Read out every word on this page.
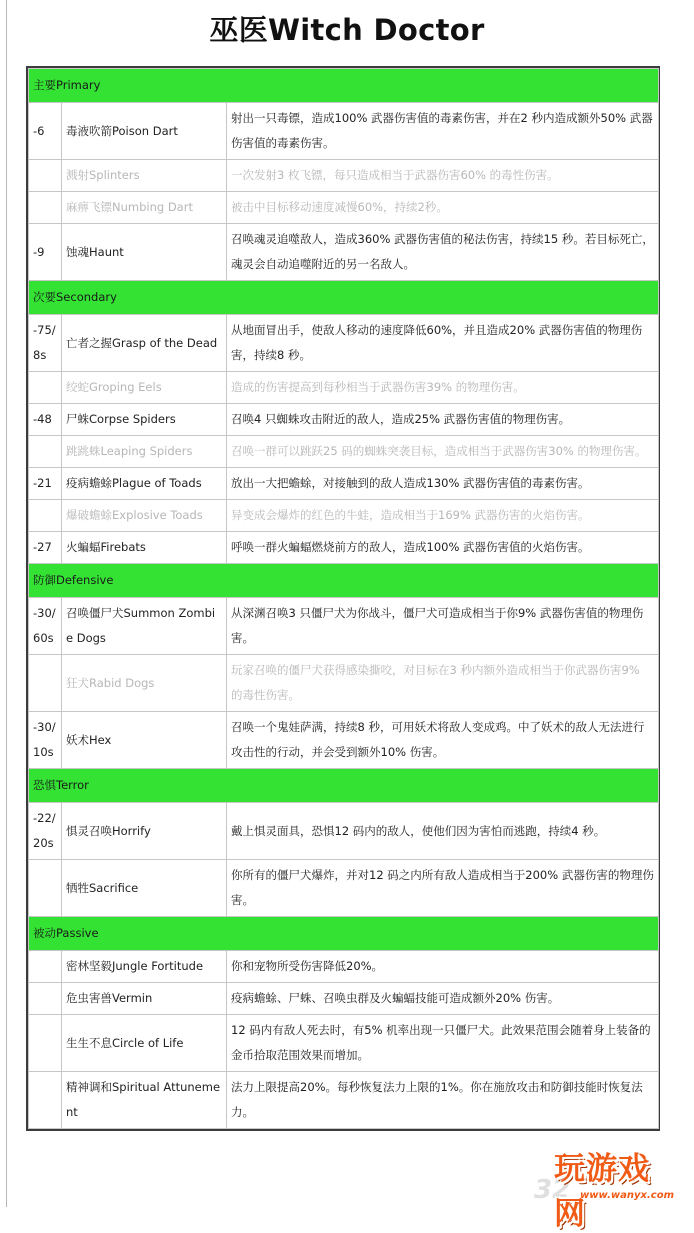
巫医Witch Doctor
主要Primary		
-6	毒液吹箭Poison Dart	射出一只毒镖，造成100% 武器伤害值的毒素伤害，并在2 秒内造成额外50% 武器伤害值的毒素伤害。
	溅射Splinters	一次发射3 枚飞镖，每只造成相当于武器伤害60% 的毒性伤害。
	麻痹飞镖Numbing Dart	被击中目标移动速度减慢60%，持续2秒。
-9	蚀魂Haunt	召唤魂灵追噬敌人，造成360% 武器伤害值的秘法伤害，持续15 秒。若目标死亡，魂灵会自动追噬附近的另一名敌人。
次要Secondary		
-75/8s	亡者之握Grasp of the Dead	从地面冒出手，使敌人移动的速度降低60%，并且造成20% 武器伤害值的物理伤害，持续8 秒。
	绞蛇Groping Eels	造成的伤害提高到每秒相当于武器伤害39% 的物理伤害。
-48	尸蛛Corpse Spiders	召唤4 只蜘蛛攻击附近的敌人，造成25% 武器伤害值的物理伤害。
	跳跳蛛Leaping Spiders	召唤一群可以跳跃25 码的蜘蛛突袭目标，造成相当于武器伤害30% 的物理伤害。
-21	疫病蟾蜍Plague of Toads	放出一大把蟾蜍，对接触到的敌人造成130% 武器伤害值的毒素伤害。
	爆破蟾蜍Explosive Toads	异变成会爆炸的红色的牛蛙，造成相当于169% 武器伤害的火焰伤害。
-27	火蝙蝠Firebats	呼唤一群火蝙蝠燃烧前方的敌人，造成100% 武器伤害值的火焰伤害。
防御Defensive		
-30/60s	召唤僵尸犬Summon Zombie Dogs	从深渊召唤3 只僵尸犬为你战斗，僵尸犬可造成相当于你9% 武器伤害值的物理伤害。
	狂犬Rabid Dogs	玩家召唤的僵尸犬获得感染撕咬，对目标在3 秒内额外造成相当于你武器伤害9% 的毒性伤害。
-30/10s	妖术Hex	召唤一个鬼娃萨满，持续8 秒，可用妖术将敌人变成鸡。中了妖术的敌人无法进行攻击性的行动，并会受到额外10% 伤害。
恐惧Terror		
-22/20s	惧灵召唤Horrify	戴上惧灵面具，恐惧12 码内的敌人，使他们因为害怕而逃跑，持续4 秒。
	牺牲Sacrifice	你所有的僵尸犬爆炸，并对12 码之内所有敌人造成相当于200% 武器伤害的物理伤害。
被动Passive		
	密林坚毅Jungle Fortitude	你和宠物所受伤害降低20%。
	危虫害兽Vermin	疫病蟾蜍、尸蛛、召唤虫群及火蝙蝠技能可造成额外20% 伤害。
	生生不息Circle of Life	12 码内有敌人死去时，有5% 机率出现一只僵尸犬。此效果范围会随着身上装备的金币拾取范围效果而增加。
	精神调和Spiritual Attunement	法力上限提高20%。每秒恢复法力上限的1%。你在施放攻击和防御技能时恢复法力。
32
玩游戏网
www.wanyx.com
